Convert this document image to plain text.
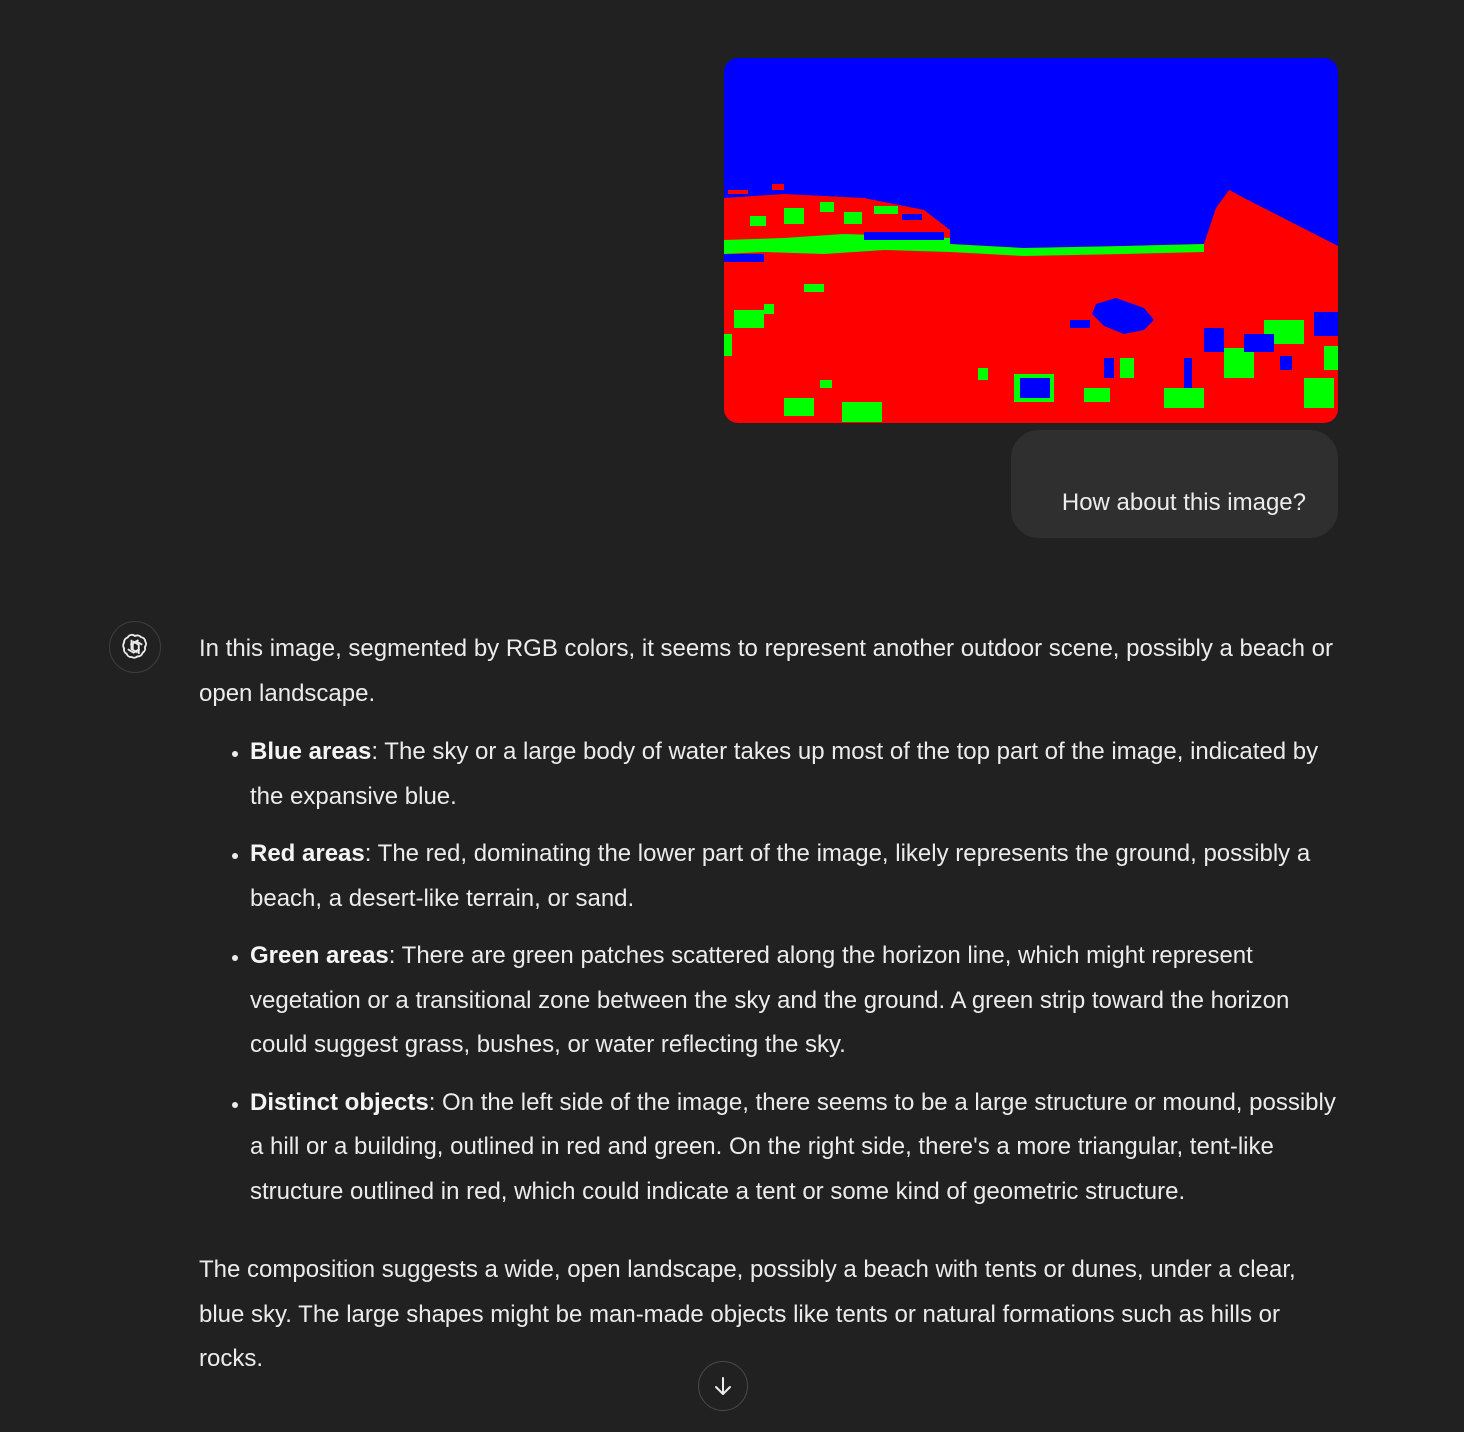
How about this image?

In this image, segmented by RGB colors, it seems to represent another outdoor scene, possibly a beach or open landscape.

• Blue areas: The sky or a large body of water takes up most of the top part of the image, indicated by the expansive blue.
• Red areas: The red, dominating the lower part of the image, likely represents the ground, possibly a beach, a desert-like terrain, or sand.
• Green areas: There are green patches scattered along the horizon line, which might represent vegetation or a transitional zone between the sky and the ground. A green strip toward the horizon could suggest grass, bushes, or water reflecting the sky.
• Distinct objects: On the left side of the image, there seems to be a large structure or mound, possibly a hill or a building, outlined in red and green. On the right side, there's a more triangular, tent-like structure outlined in red, which could indicate a tent or some kind of geometric structure.

The composition suggests a wide, open landscape, possibly a beach with tents or dunes, under a clear, blue sky. The large shapes might be man-made objects like tents or natural formations such as hills or rocks.
